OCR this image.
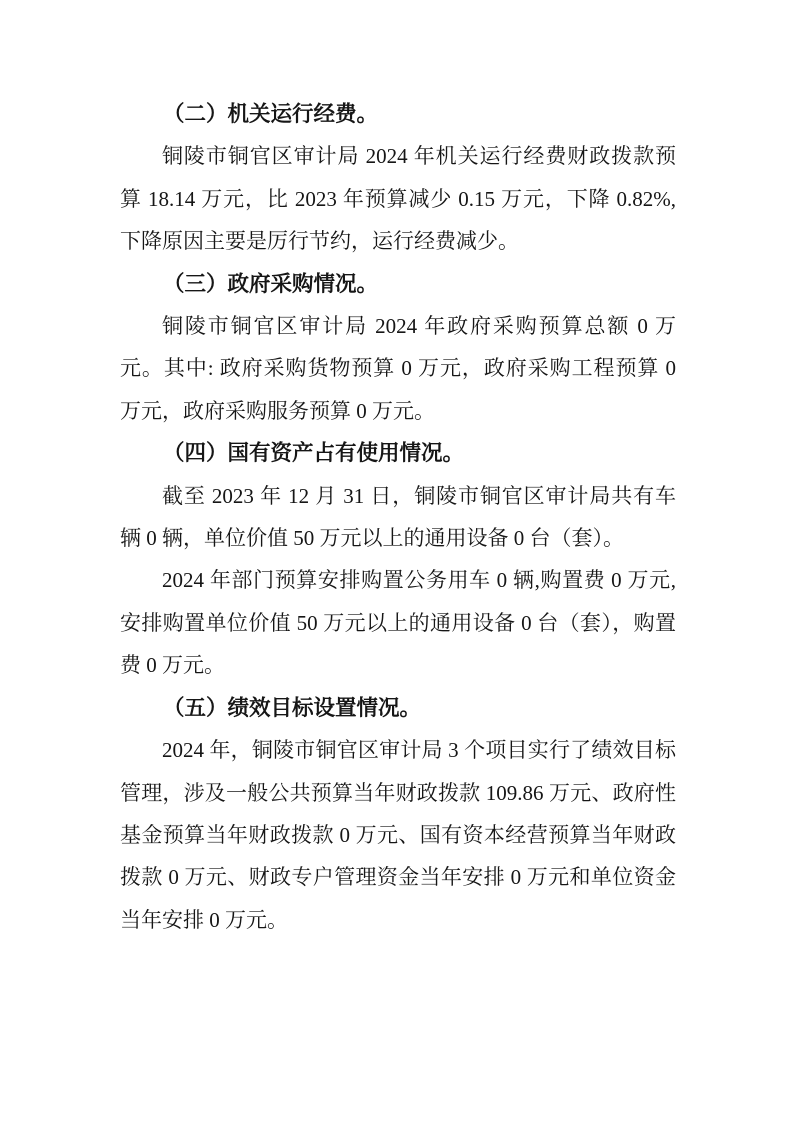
（二）机关运行经费。

铜陵市铜官区审计局 2024 年机关运行经费财政拨款预算 18.14 万元，比 2023 年预算减少 0.15 万元，下降 0.82%,下降原因主要是厉行节约，运行经费减少。

（三）政府采购情况。

铜陵市铜官区审计局 2024 年政府采购预算总额 0 万元。其中: 政府采购货物预算 0 万元，政府采购工程预算 0 万元，政府采购服务预算 0 万元。

（四）国有资产占有使用情况。

截至 2023 年 12 月 31 日，铜陵市铜官区审计局共有车辆 0 辆，单位价值 50 万元以上的通用设备 0 台（套）。

2024 年部门预算安排购置公务用车 0 辆,购置费 0 万元,安排购置单位价值 50 万元以上的通用设备 0 台（套），购置费 0 万元。

（五）绩效目标设置情况。

2024 年，铜陵市铜官区审计局 3 个项目实行了绩效目标管理，涉及一般公共预算当年财政拨款 109.86 万元、政府性基金预算当年财政拨款 0 万元、国有资本经营预算当年财政拨款 0 万元、财政专户管理资金当年安排 0 万元和单位资金当年安排 0 万元。
